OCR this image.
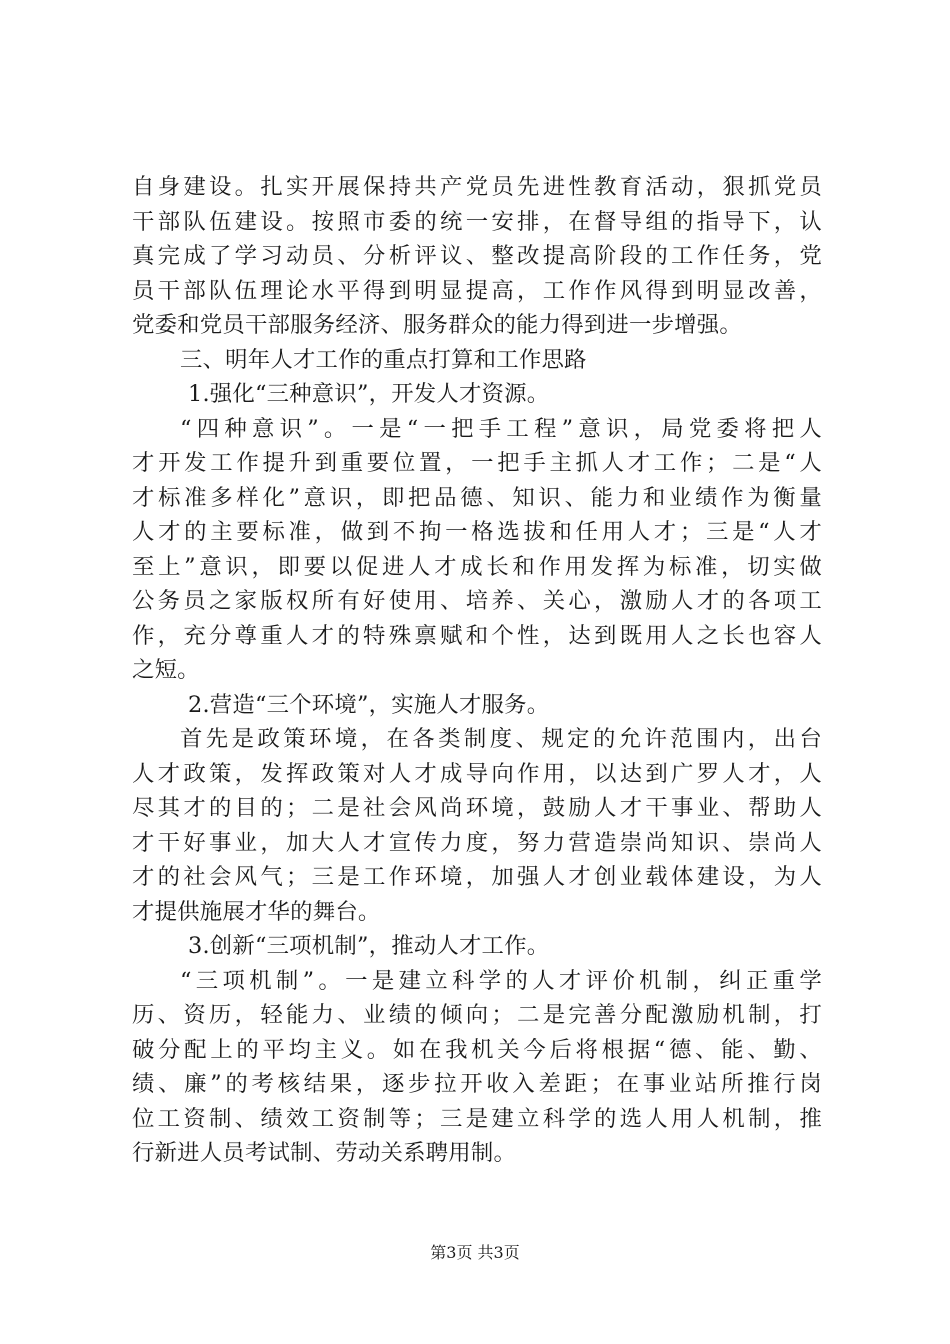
自身建设。扎实开展保持共产党员先进性教育活动，狠抓党员
干部队伍建设。按照市委的统一安排，在督导组的指导下，认
真完成了学习动员、分析评议、整改提高阶段的工作任务，党
员干部队伍理论水平得到明显提高，工作作风得到明显改善，
党委和党员干部服务经济、服务群众的能力得到进一步增强。
三、明年人才工作的重点打算和工作思路
1.强化“三种意识”，开发人才资源。
“四种意识”。一是“一把手工程”意识，局党委将把人
才开发工作提升到重要位置，一把手主抓人才工作；二是“人
才标准多样化”意识，即把品德、知识、能力和业绩作为衡量
人才的主要标准，做到不拘一格选拔和任用人才；三是“人才
至上”意识，即要以促进人才成长和作用发挥为标准，切实做
公务员之家版权所有好使用、培养、关心，激励人才的各项工
作，充分尊重人才的特殊禀赋和个性，达到既用人之长也容人
之短。
2.营造“三个环境”，实施人才服务。
首先是政策环境，在各类制度、规定的允许范围内，出台
人才政策，发挥政策对人才成导向作用，以达到广罗人才，人
尽其才的目的；二是社会风尚环境，鼓励人才干事业、帮助人
才干好事业，加大人才宣传力度，努力营造崇尚知识、崇尚人
才的社会风气；三是工作环境，加强人才创业载体建设，为人
才提供施展才华的舞台。
3.创新“三项机制”，推动人才工作。
“三项机制”。一是建立科学的人才评价机制，纠正重学
历、资历，轻能力、业绩的倾向；二是完善分配激励机制，打
破分配上的平均主义。如在我机关今后将根据“德、能、勤、
绩、廉”的考核结果，逐步拉开收入差距；在事业站所推行岗
位工资制、绩效工资制等；三是建立科学的选人用人机制，推
行新进人员考试制、劳动关系聘用制。
第3页 共3页
